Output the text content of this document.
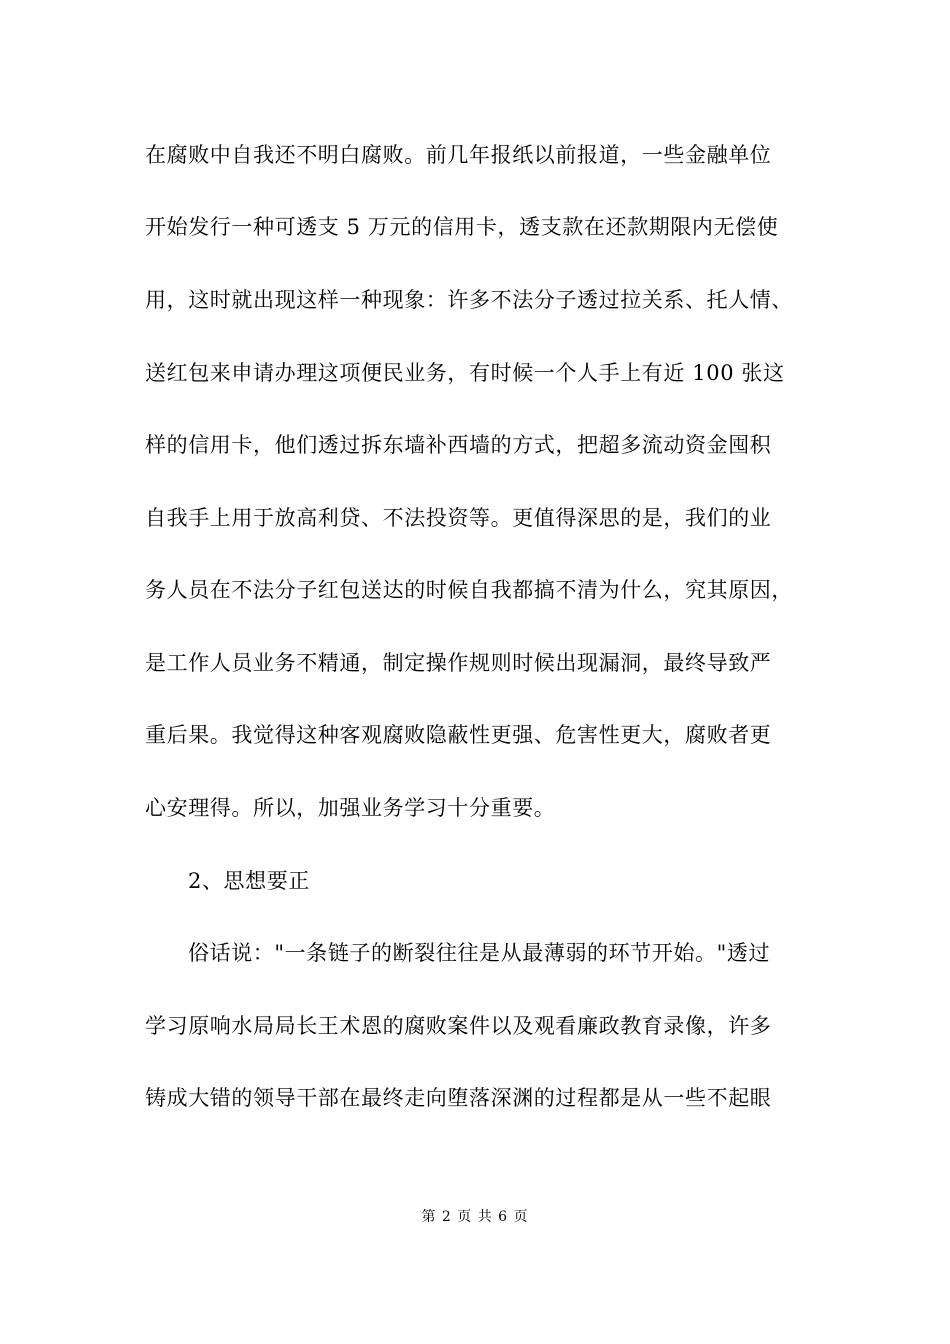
在腐败中自我还不明白腐败。前几年报纸以前报道，一些金融单位
开始发行一种可透支 5 万元的信用卡，透支款在还款期限内无偿使
用，这时就出现这样一种现象：许多不法分子透过拉关系、托人情、
送红包来申请办理这项便民业务，有时候一个人手上有近 100 张这
样的信用卡，他们透过拆东墙补西墙的方式，把超多流动资金囤积
自我手上用于放高利贷、不法投资等。更值得深思的是，我们的业
务人员在不法分子红包送达的时候自我都搞不清为什么，究其原因，
是工作人员业务不精通，制定操作规则时候出现漏洞，最终导致严
重后果。我觉得这种客观腐败隐蔽性更强、危害性更大，腐败者更
心安理得。所以，加强业务学习十分重要。
2、思想要正
俗话说："一条链子的断裂往往是从最薄弱的环节开始。"透过
学习原响水局局长王术恩的腐败案件以及观看廉政教育录像，许多
铸成大错的领导干部在最终走向堕落深渊的过程都是从一些不起眼
第 2 页 共 6 页
